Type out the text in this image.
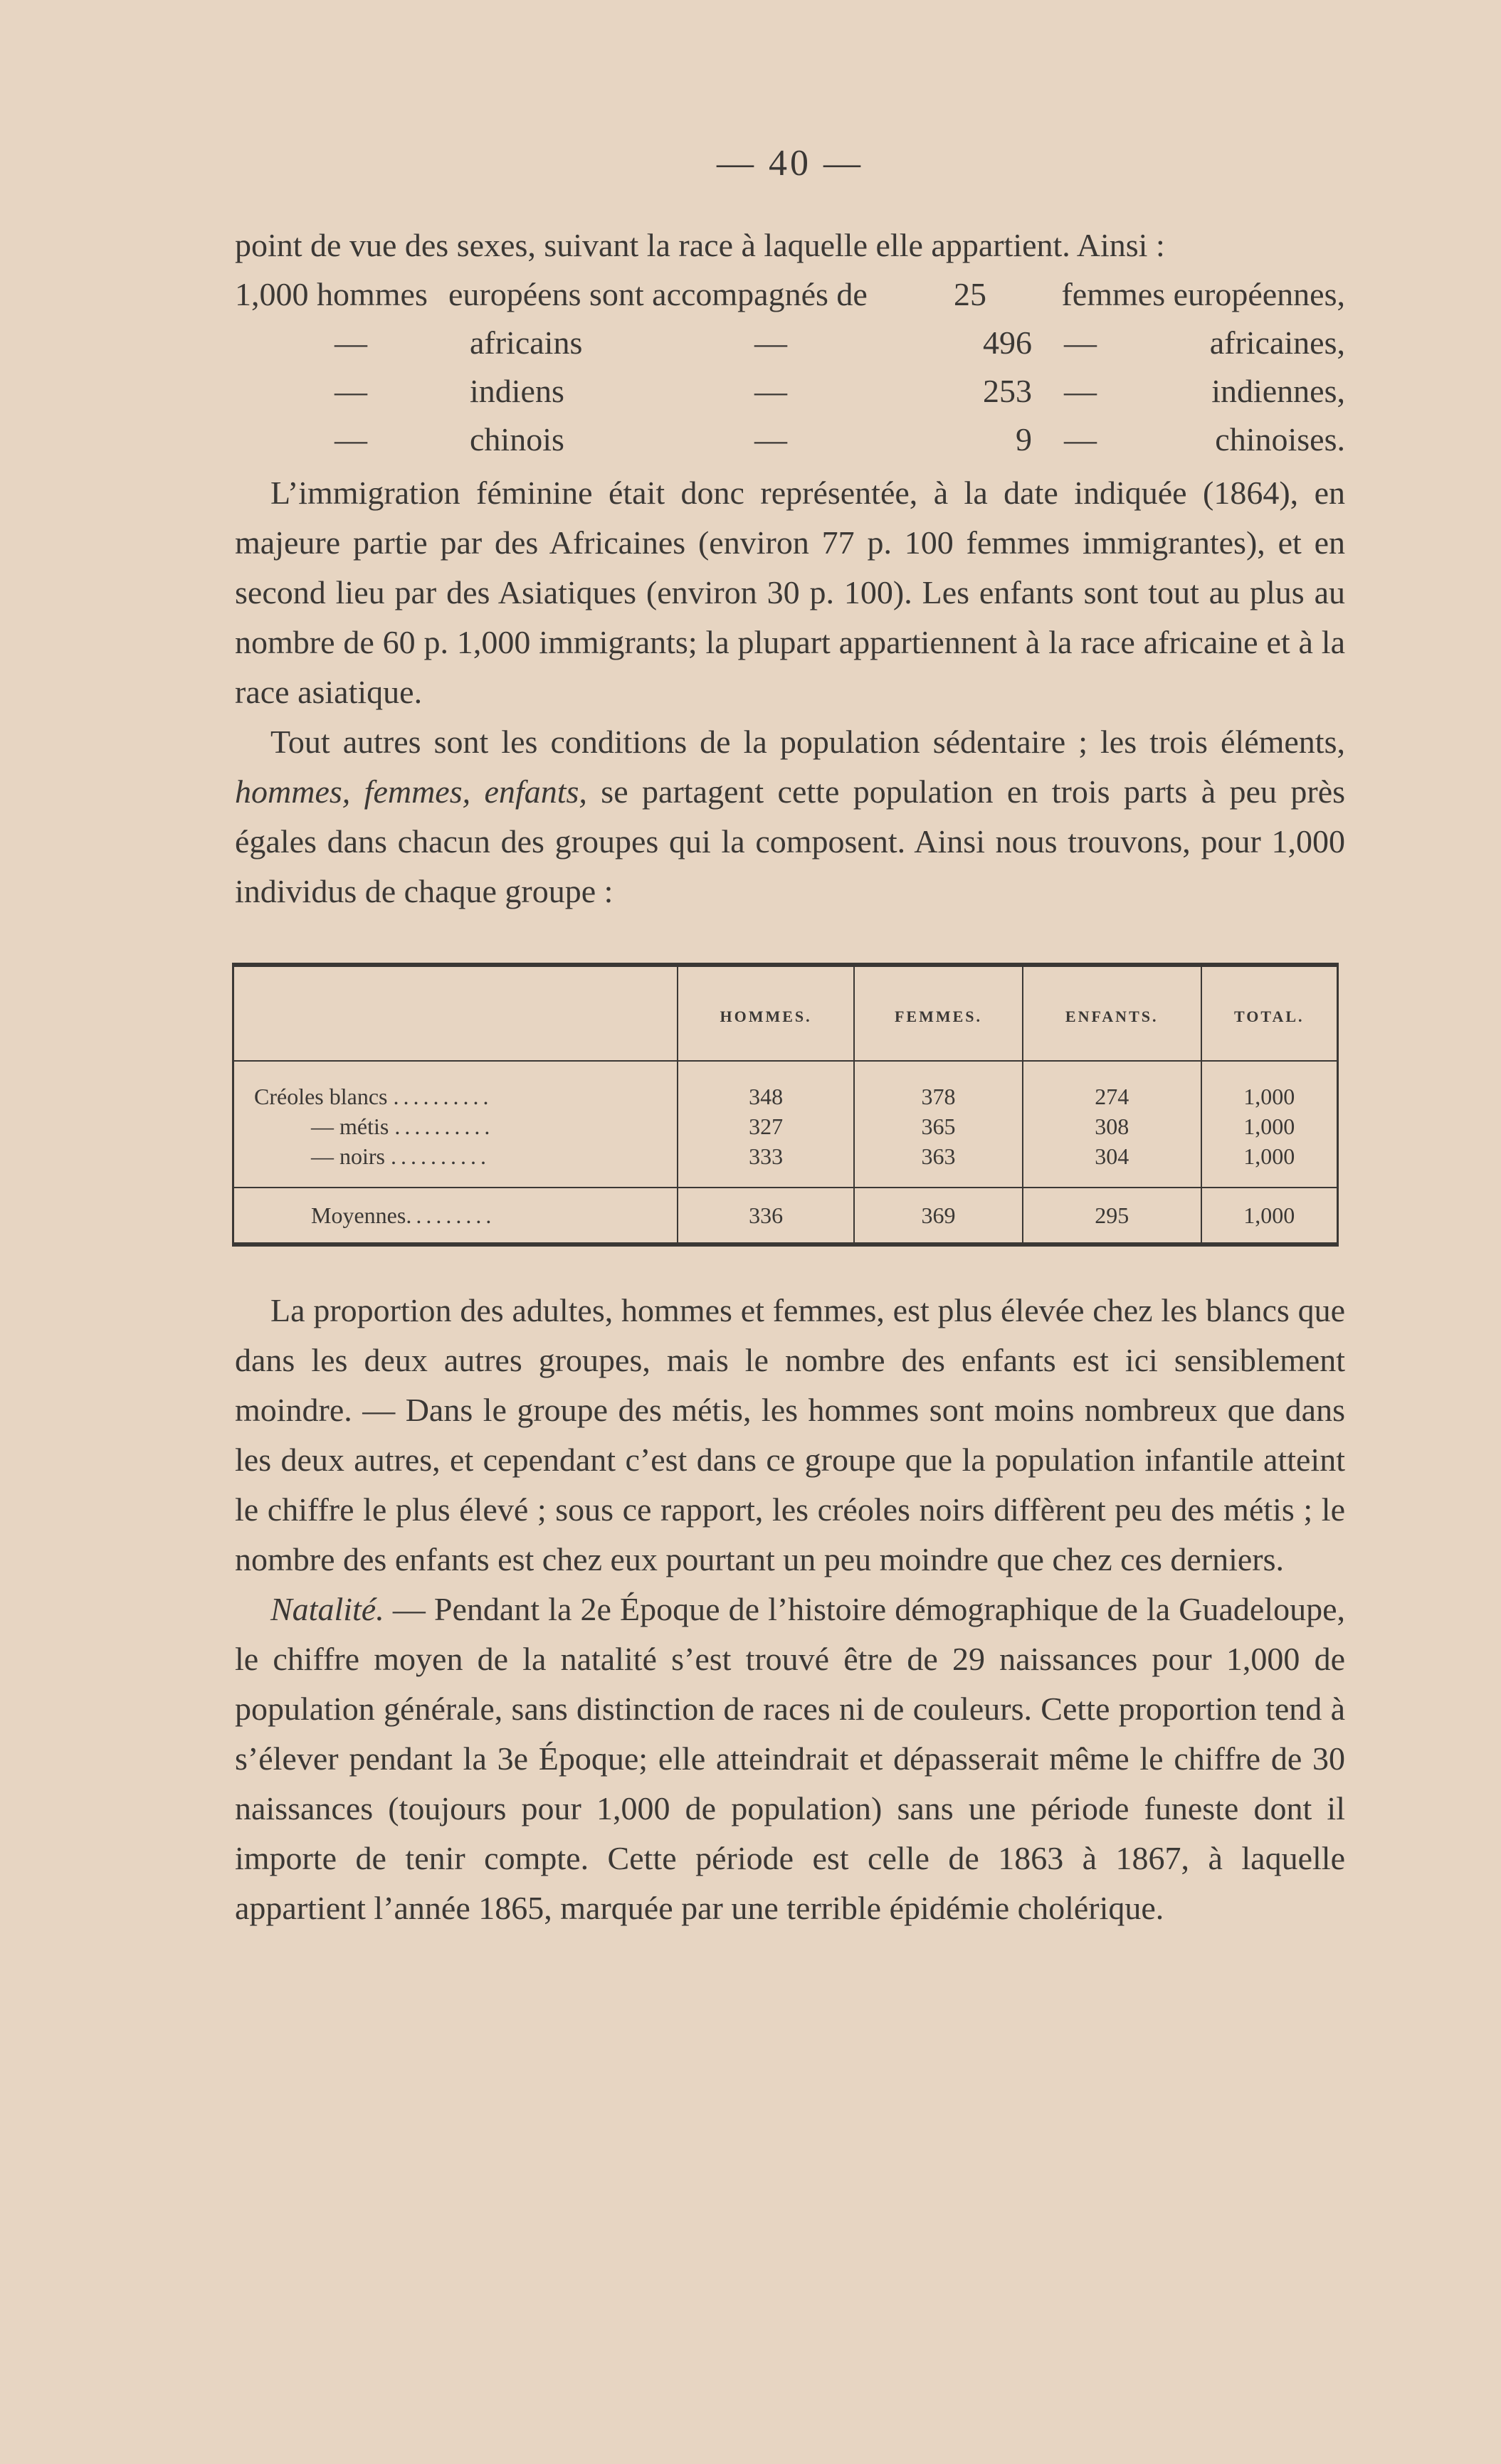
— 40 —

point de vue des sexes, suivant la race à laquelle elle appartient. Ainsi :

1,000 hommes européens sont accompagnés de	25 femmes européennes,
—	africains	—	496 —	africaines,
—	indiens	—	253 —	indiennes,
—	chinois	—	9 —	chinoises.

L’immigration féminine était donc représentée, à la date indiquée (1864), en majeure partie par des Africaines (environ 77 p. 100 femmes immigrantes), et en second lieu par des Asiatiques (environ 30 p. 100). Les enfants sont tout au plus au nombre de 60 p. 1,000 immigrants; la plupart appartiennent à la race africaine et à la race asiatique.

Tout autres sont les conditions de la population sédentaire ; les trois éléments, hommes, femmes, enfants, se partagent cette population en trois parts à peu près égales dans chacun des groupes qui la composent. Ainsi nous trouvons, pour 1,000 individus de chaque groupe :

	HOMMES.	FEMMES.	ENFANTS.	TOTAL.
Créoles blancs ..........	348	378	274	1,000
— métis ..........	327	365	308	1,000
— noirs ..........	333	363	304	1,000
Moyennes.........	336	369	295	1,000

La proportion des adultes, hommes et femmes, est plus élevée chez les blancs que dans les deux autres groupes, mais le nombre des enfants est ici sensiblement moindre. — Dans le groupe des métis, les hommes sont moins nombreux que dans les deux autres, et cependant c’est dans ce groupe que la population infantile atteint le chiffre le plus élevé ; sous ce rapport, les créoles noirs diffèrent peu des métis ; le nombre des enfants est chez eux pourtant un peu moindre que chez ces derniers.

Natalité. — Pendant la 2e Époque de l’histoire démographique de la Guadeloupe, le chiffre moyen de la natalité s’est trouvé être de 29 naissances pour 1,000 de population générale, sans distinction de races ni de couleurs. Cette proportion tend à s’élever pendant la 3e Époque; elle atteindrait et dépasserait même le chiffre de 30 naissances (toujours pour 1,000 de population) sans une période funeste dont il importe de tenir compte. Cette période est celle de 1863 à 1867, à laquelle appartient l’année 1865, marquée par une terrible épidémie cholérique.
